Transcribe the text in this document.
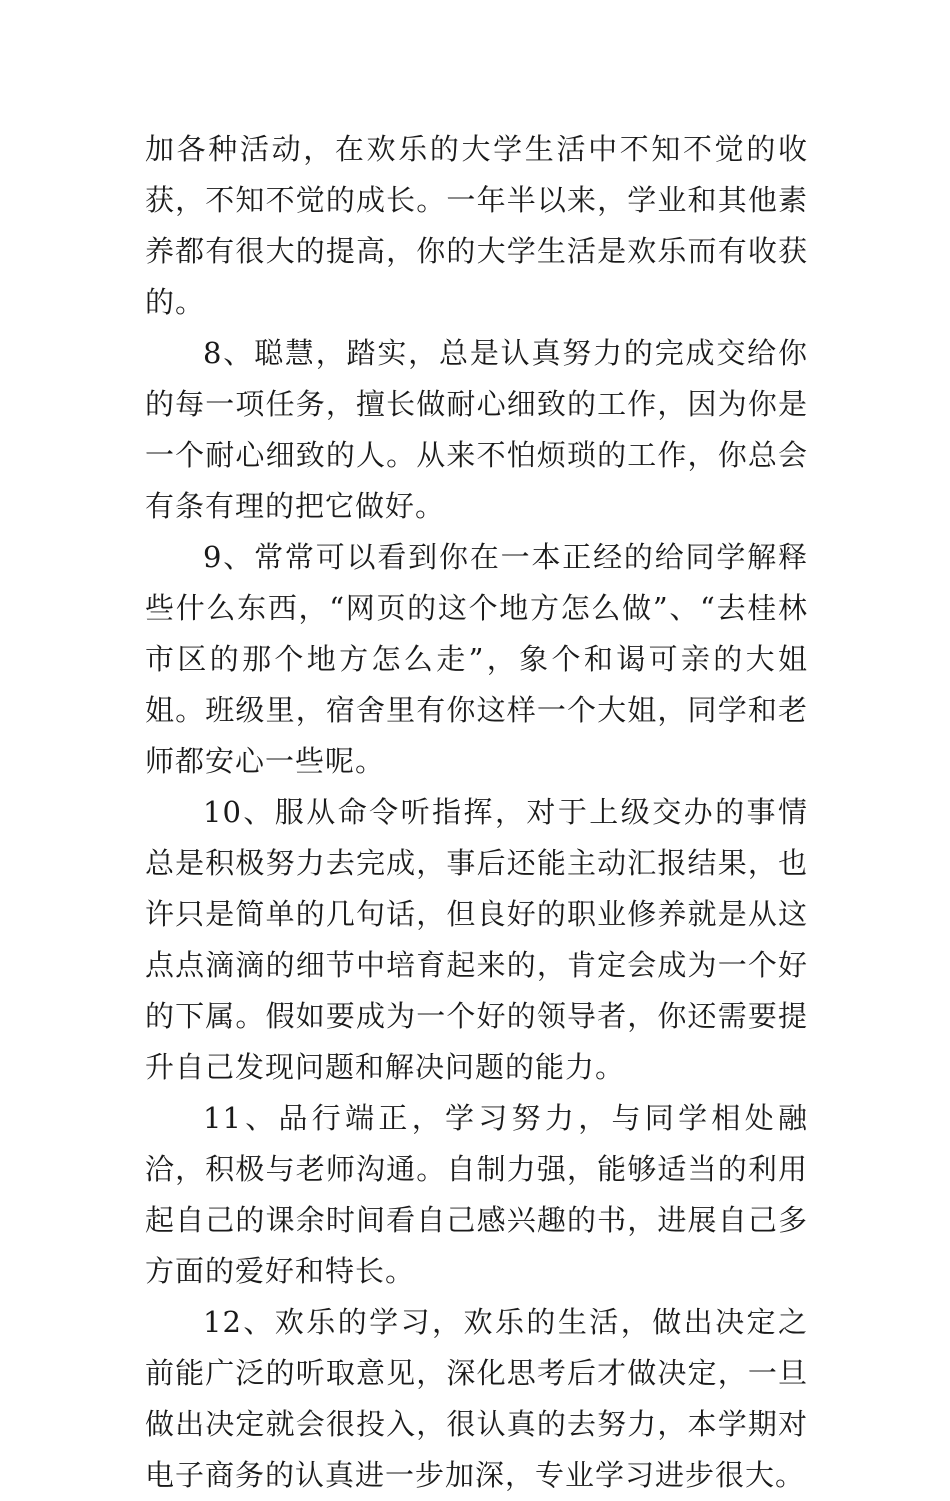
加各种活动，在欢乐的大学生活中不知不觉的收获，不知不觉的成长。一年半以来，学业和其他素养都有很大的提高，你的大学生活是欢乐而有收获的。

8、聪慧，踏实，总是认真努力的完成交给你的每一项任务，擅长做耐心细致的工作，因为你是一个耐心细致的人。从来不怕烦琐的工作，你总会有条有理的把它做好。

9、常常可以看到你在一本正经的给同学解释些什么东西，“网页的这个地方怎么做”、“去桂林市区的那个地方怎么走”，象个和谒可亲的大姐姐。班级里，宿舍里有你这样一个大姐，同学和老师都安心一些呢。

10、服从命令听指挥，对于上级交办的事情总是积极努力去完成，事后还能主动汇报结果，也许只是简单的几句话，但良好的职业修养就是从这点点滴滴的细节中培育起来的，肯定会成为一个好的下属。假如要成为一个好的领导者，你还需要提升自己发现问题和解决问题的能力。

11、品行端正，学习努力，与同学相处融洽，积极与老师沟通。自制力强，能够适当的利用起自己的课余时间看自己感兴趣的书，进展自己多方面的爱好和特长。

12、欢乐的学习，欢乐的生活，做出决定之前能广泛的听取意见，深化思考后才做决定，一旦做出决定就会很投入，很认真的去努力，本学期对电子商务的认真进一步加深，专业学习进步很大。
